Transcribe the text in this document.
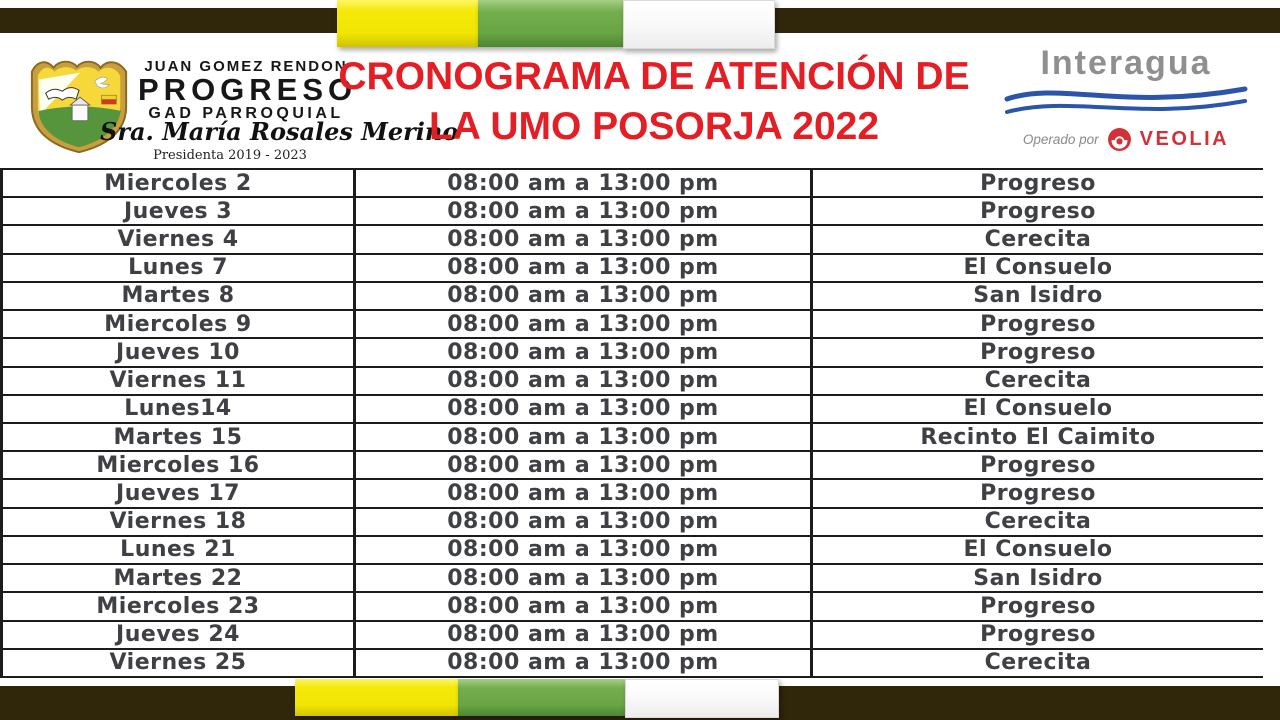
JUAN GOMEZ RENDON
PROGRESO
GAD PARROQUIAL
Sra. María Rosales Merino
Presidenta 2019 - 2023
CRONOGRAMA DE ATENCIÓN DE
LA UMO POSORJA 2022
Interagua
Operado por VEOLIA
Miercoles 2	08:00 am a 13:00 pm	Progreso
Jueves 3	08:00 am a 13:00 pm	Progreso
Viernes 4	08:00 am a 13:00 pm	Cerecita
Lunes 7	08:00 am a 13:00 pm	El Consuelo
Martes 8	08:00 am a 13:00 pm	San Isidro
Miercoles 9	08:00 am a 13:00 pm	Progreso
Jueves 10	08:00 am a 13:00 pm	Progreso
Viernes 11	08:00 am a 13:00 pm	Cerecita
Lunes14	08:00 am a 13:00 pm	El Consuelo
Martes 15	08:00 am a 13:00 pm	Recinto El Caimito
Miercoles 16	08:00 am a 13:00 pm	Progreso
Jueves 17	08:00 am a 13:00 pm	Progreso
Viernes 18	08:00 am a 13:00 pm	Cerecita
Lunes 21	08:00 am a 13:00 pm	El Consuelo
Martes 22	08:00 am a 13:00 pm	San Isidro
Miercoles 23	08:00 am a 13:00 pm	Progreso
Jueves 24	08:00 am a 13:00 pm	Progreso
Viernes 25	08:00 am a 13:00 pm	Cerecita
